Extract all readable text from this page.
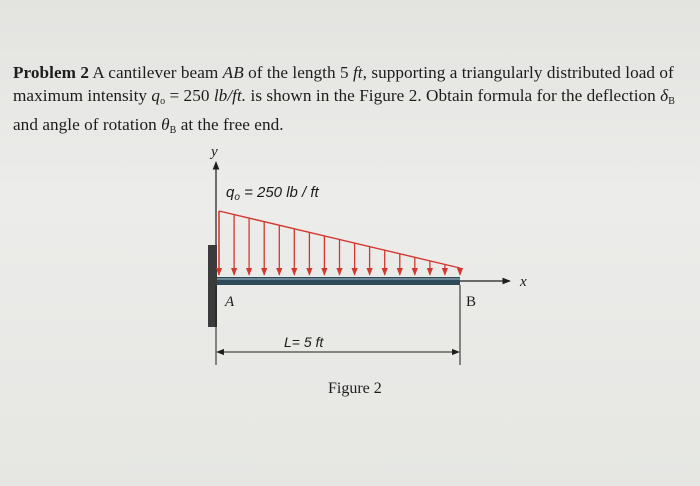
Problem 2 A cantilever beam AB of the length 5 ft, supporting a triangularly distributed load of maximum intensity $q_o = 250$ lb/ft. is shown in the Figure 2. Obtain formula for the deflection $\delta_B$ and angle of rotation $\theta_B$ at the free end.
y
x
$q_o = 250$ lb / ft
A	B
L= 5 ft
Figure 2
